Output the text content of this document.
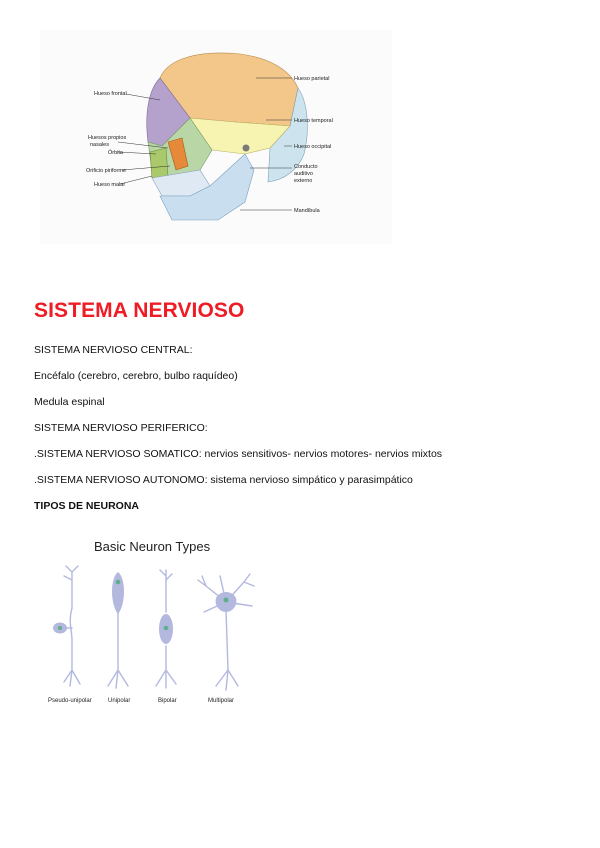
Hueso frontal
Huesos propios
nasales
Órbita
Orificio piriforme
Hueso malar
Hueso parietal
Hueso temporal
Hueso occipital
Conducto
auditivo
externo
Mandíbula
SISTEMA NERVIOSO
SISTEMA NERVIOSO CENTRAL:
Encéfalo (cerebro, cerebro, bulbo raquídeo)
Medula espinal
SISTEMA NERVIOSO PERIFERICO:
.SISTEMA NERVIOSO SOMATICO: nervios sensitivos- nervios motores- nervios mixtos
.SISTEMA NERVIOSO AUTONOMO: sistema nervioso simpático y parasimpático
TIPOS DE NEURONA
Basic Neuron Types
Pseudo-unipolar	Unipolar	Bipolar	Multipolar
